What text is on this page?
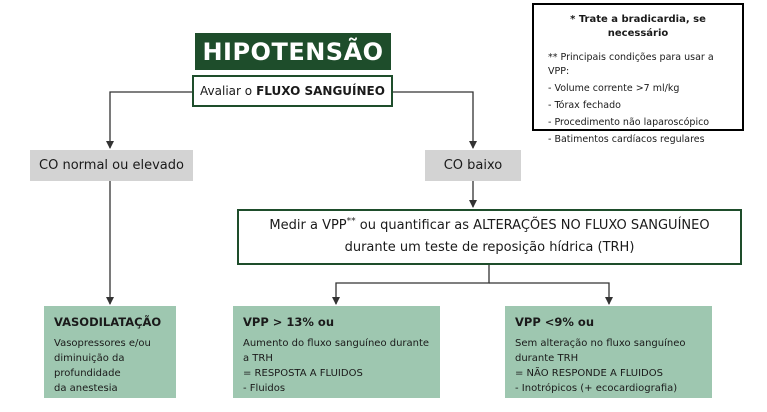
HIPOTENSÃO
Avaliar o FLUXO SANGUÍNEO
CO normal ou elevado	CO baixo
Medir a VPP** ou quantificar as ALTERAÇÕES NO FLUXO SANGUÍNEO
durante um teste de reposição hídrica (TRH)
VASODILATAÇÃO
Vasopressores e/ou
diminuição da profundidade
da anestesia
VPP > 13% ou
Aumento do fluxo sanguíneo durante a TRH
= RESPOSTA A FLUIDOS
- Fluidos
VPP <9% ou
Sem alteração no fluxo sanguíneo durante TRH
= NÃO RESPONDE A FLUIDOS
- Inotrópicos (+ ecocardiografia)
* Trate a bradicardia, se necessário
** Principais condições para usar a VPP:
- Volume corrente >7 ml/kg
- Tórax fechado
- Procedimento não laparoscópico
- Batimentos cardíacos regulares
